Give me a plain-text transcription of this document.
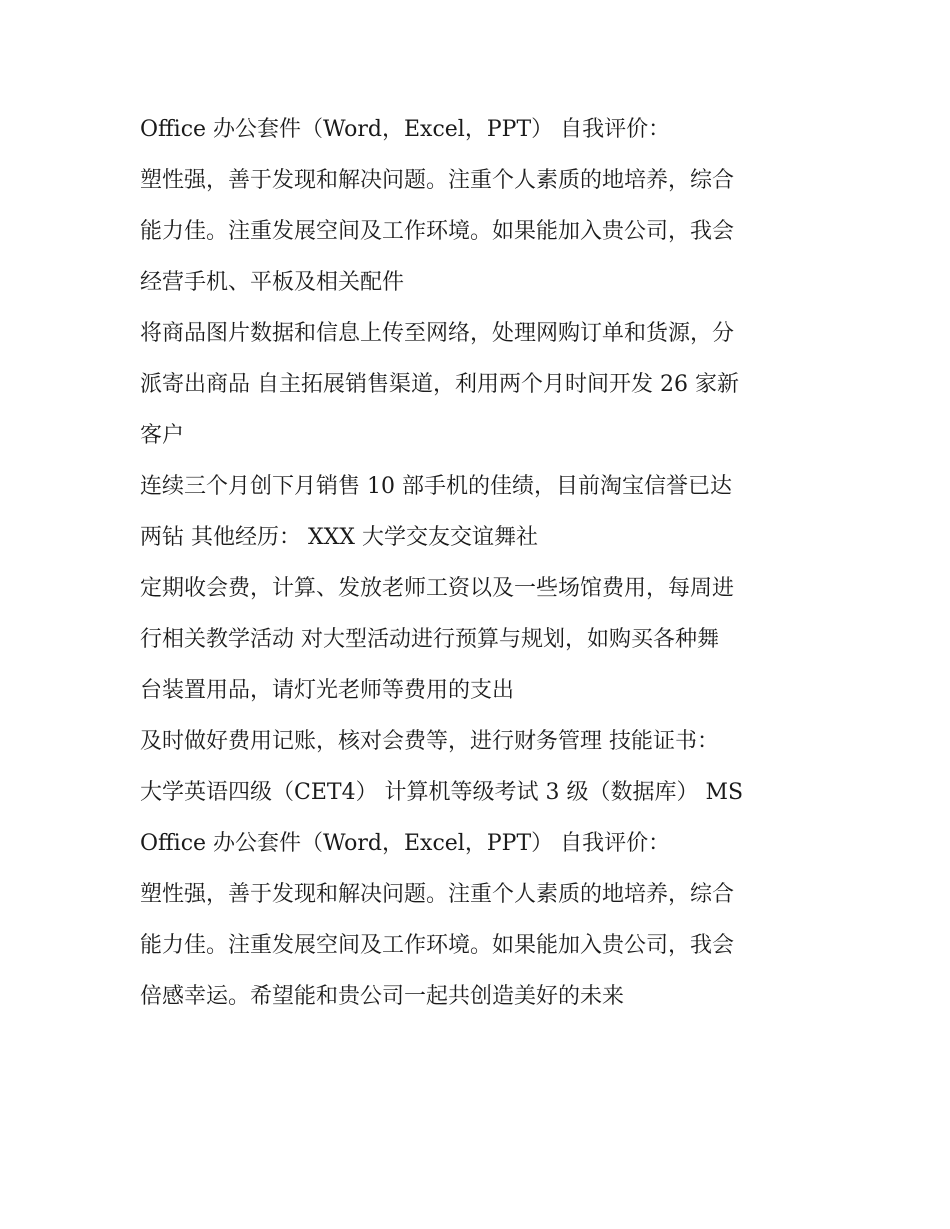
Office 办公套件（Word，Excel，PPT） 自我评价：
塑性强，善于发现和解决问题。注重个人素质的地培养，综合
能力佳。注重发展空间及工作环境。如果能加入贵公司，我会
经营手机、平板及相关配件
将商品图片数据和信息上传至网络，处理网购订单和货源，分
派寄出商品 自主拓展销售渠道，利用两个月时间开发 26 家新
客户
连续三个月创下月销售 10 部手机的佳绩，目前淘宝信誉已达
两钻 其他经历： XXX 大学交友交谊舞社
定期收会费，计算、发放老师工资以及一些场馆费用，每周进
行相关教学活动 对大型活动进行预算与规划，如购买各种舞
台装置用品，请灯光老师等费用的支出
及时做好费用记账，核对会费等，进行财务管理 技能证书：
大学英语四级（CET4） 计算机等级考试 3 级（数据库） MS
Office 办公套件（Word，Excel，PPT） 自我评价：
塑性强，善于发现和解决问题。注重个人素质的地培养，综合
能力佳。注重发展空间及工作环境。如果能加入贵公司，我会
倍感幸运。希望能和贵公司一起共创造美好的未来
